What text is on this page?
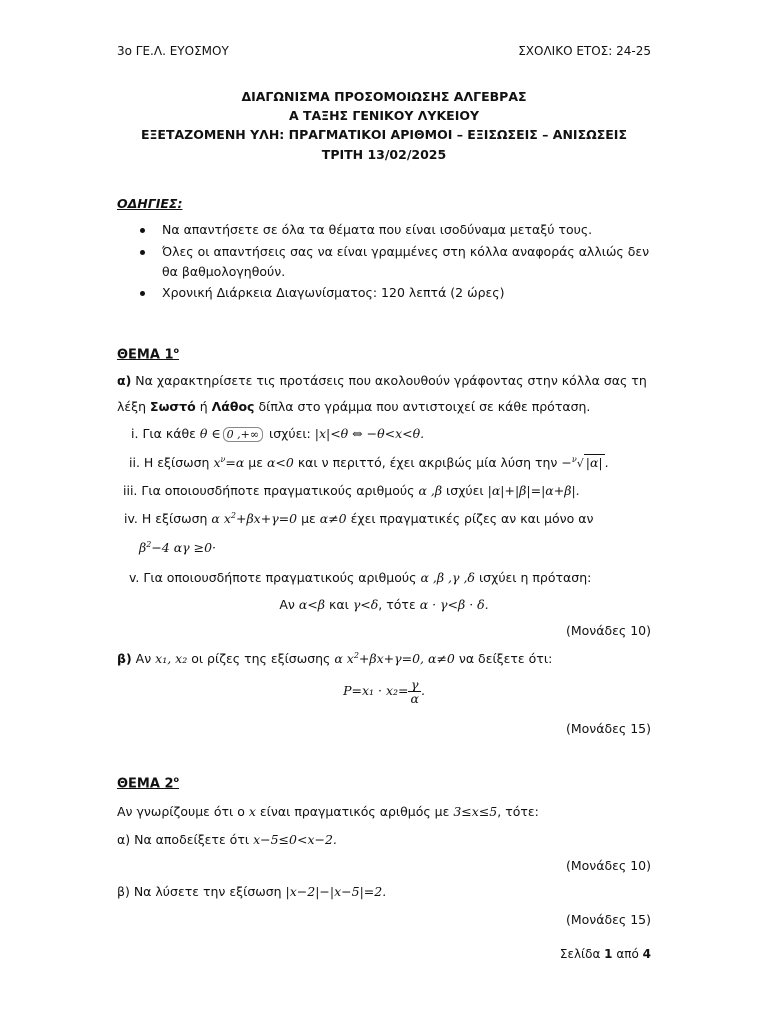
3ο ΓΕ.Λ. ΕΥΟΣΜΟΥ	ΣΧΟΛΙΚΟ ΕΤΟΣ: 24-25
ΔΙΑΓΩΝΙΣΜΑ ΠΡΟΣΟΜΟΙΩΣΗΣ ΑΛΓΕΒΡΑΣ
Α ΤΑΞΗΣ ΓΕΝΙΚΟΥ ΛΥΚΕΙΟΥ
ΕΞΕΤΑΖΟΜΕΝΗ ΥΛΗ: ΠΡΑΓΜΑΤΙΚΟΙ ΑΡΙΘΜΟΙ – ΕΞΙΣΩΣΕΙΣ – ΑΝΙΣΩΣΕΙΣ
ΤΡΙΤΗ 13/02/2025
ΟΔΗΓΙΕΣ:
Να απαντήσετε σε όλα τα θέματα που είναι ισοδύναμα μεταξύ τους.
Όλες οι απαντήσεις σας να είναι γραμμένες στη κόλλα αναφοράς αλλιώς δεν
θα βαθμολογηθούν.
Χρονική Διάρκεια Διαγωνίσματος: 120 λεπτά (2 ώρες)
ΘΕΜΑ $1^o$
α) Να χαρακτηρίσετε τις προτάσεις που ακολουθούν γράφοντας στην κόλλα σας τη
λέξη Σωστό ή Λάθος δίπλα στο γράμμα που αντιστοιχεί σε κάθε πρόταση.
i. Για κάθε θ ∈ 0 ,+∞ ισχύει: |x|<θ ⇔ −θ<x<θ.
ii. Η εξίσωση $x^\nu=\alpha$ με α<0 και ν περιττό, έχει ακριβώς μία λύση την −$^\nu$√ |α| .
iii. Για οποιουσδήποτε πραγματικούς αριθμούς α ,β ισχύει |α|+|β|=|α+β|.
iv. Η εξίσωση α $x^2+\beta x+\gamma=0$ με α≠0 έχει πραγματικές ρίζες αν και μόνο αν
$\beta^2-4$ αγ ≥0·
v. Για οποιουσδήποτε πραγματικούς αριθμούς α ,β ,γ ,δ ισχύει η πρόταση:
Αν α<β και γ<δ, τότε α · γ<β · δ.
(Μονάδες 10)
β) Αν x₁, x₂ οι ρίζες της εξίσωσης α $x^2+\beta x+\gamma=0$, α≠0 να δείξετε ότι:
$P=x_1 \cdot x_2= \frac{\gamma}{\alpha}$ .
(Μονάδες 15)
ΘΕΜΑ $2^o$
Αν γνωρίζουμε ότι ο x είναι πραγματικός αριθμός με 3≤x≤5, τότε:
α) Να αποδείξετε ότι x−5≤0<x−2.
(Μονάδες 10)
β) Να λύσετε την εξίσωση |x−2|−|x−5|=2.
(Μονάδες 15)
Σελίδα 1 από 4
